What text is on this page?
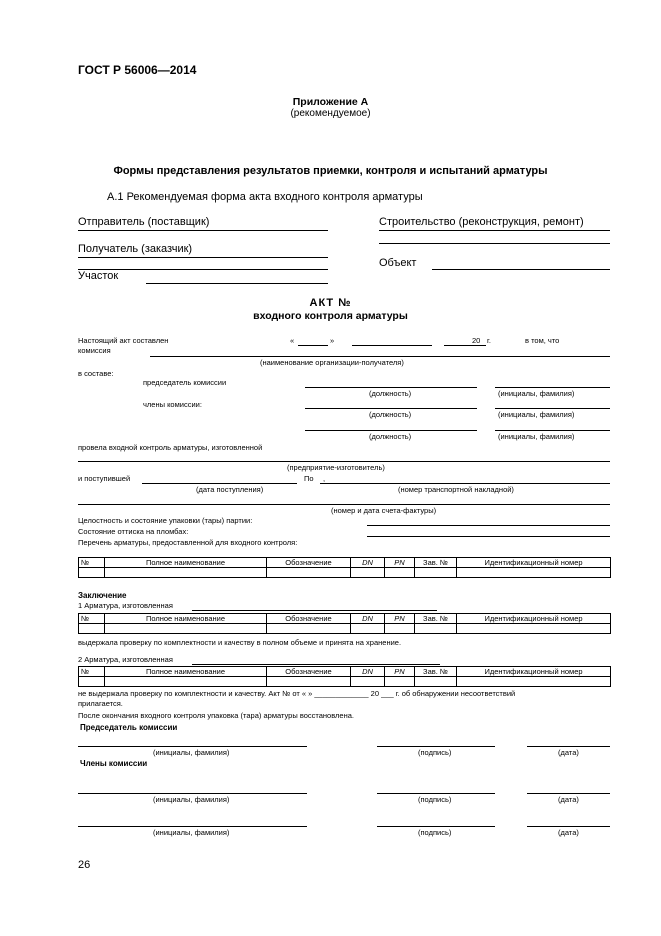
ГОСТ Р 56006—2014
Приложение А
(рекомендуемое)
Формы представления результатов приемки, контроля и испытаний арматуры
А.1 Рекомендуемая форма акта входного контроля арматуры
Отправитель (поставщик)
Получатель (заказчик)
Участок
Строительство (реконструкция, ремонт)
Объект
АКТ №
входного контроля арматуры
Настоящий акт составлен
комиссия
«	»	20 г.	в том, что
(наименование организации-получателя)
в составе:
председатель комиссии
(должность)	(инициалы, фамилия)
члены комиссии:
(должность)	(инициалы, фамилия)
(должность)	(инициалы, фамилия)
провела входной контроль арматуры, изготовленной
(предприятие-изготовитель)
и поступившей	По ,
(дата поступления)	(номер транспортной накладной)
(номер и дата счета-фактуры)
Целостность и состояние упаковки (тары) партии:
Состояние оттиска на пломбах:
Перечень арматуры, предоставленной для входного контроля:
№	Полное наименование	Обозначение	DN	PN	Зав. №	Идентификационный номер

Заключение
1 Арматура, изготовленная
№	Полное наименование	Обозначение	DN	PN	Зав. №	Идентификационный номер

выдержала проверку по комплектности и качеству в полном объеме и принята на хранение.
2 Арматура, изготовленная
№	Полное наименование	Обозначение	DN	PN	Зав. №	Идентификационный номер

не выдержала проверку по комплектности и качеству. Акт № от « » _____________ 20 ___ г. об обнаружении несоответствий
прилагается.
После окончания входного контроля упаковка (тара) арматуры восстановлена.
Председатель комиссии
(инициалы, фамилия)	(подпись)	(дата)
Члены комиссии
(инициалы, фамилия)	(подпись)	(дата)
(инициалы, фамилия)	(подпись)	(дата)
26
